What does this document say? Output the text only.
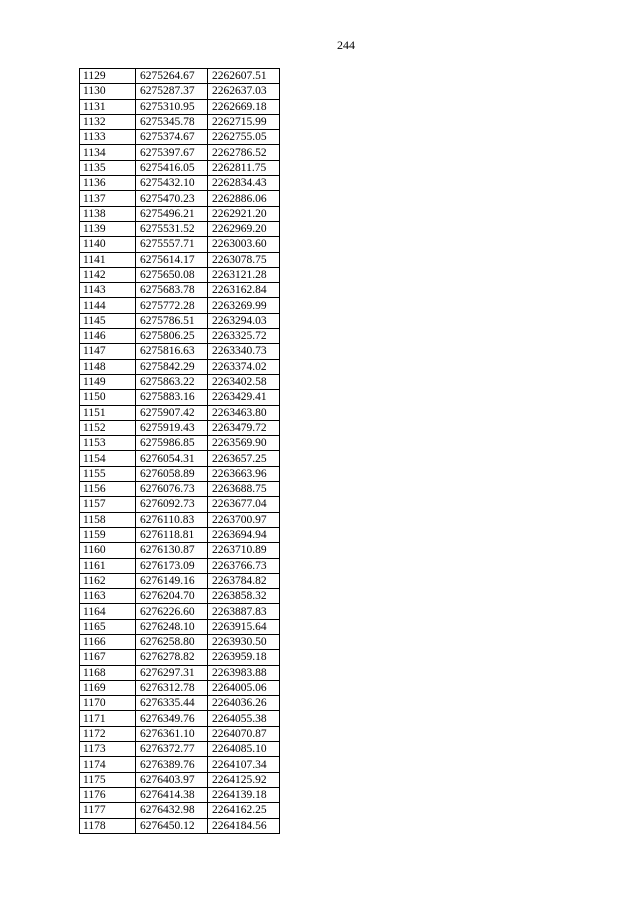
244
1129	6275264.67	2262607.51
1130	6275287.37	2262637.03
1131	6275310.95	2262669.18
1132	6275345.78	2262715.99
1133	6275374.67	2262755.05
1134	6275397.67	2262786.52
1135	6275416.05	2262811.75
1136	6275432.10	2262834.43
1137	6275470.23	2262886.06
1138	6275496.21	2262921.20
1139	6275531.52	2262969.20
1140	6275557.71	2263003.60
1141	6275614.17	2263078.75
1142	6275650.08	2263121.28
1143	6275683.78	2263162.84
1144	6275772.28	2263269.99
1145	6275786.51	2263294.03
1146	6275806.25	2263325.72
1147	6275816.63	2263340.73
1148	6275842.29	2263374.02
1149	6275863.22	2263402.58
1150	6275883.16	2263429.41
1151	6275907.42	2263463.80
1152	6275919.43	2263479.72
1153	6275986.85	2263569.90
1154	6276054.31	2263657.25
1155	6276058.89	2263663.96
1156	6276076.73	2263688.75
1157	6276092.73	2263677.04
1158	6276110.83	2263700.97
1159	6276118.81	2263694.94
1160	6276130.87	2263710.89
1161	6276173.09	2263766.73
1162	6276149.16	2263784.82
1163	6276204.70	2263858.32
1164	6276226.60	2263887.83
1165	6276248.10	2263915.64
1166	6276258.80	2263930.50
1167	6276278.82	2263959.18
1168	6276297.31	2263983.88
1169	6276312.78	2264005.06
1170	6276335.44	2264036.26
1171	6276349.76	2264055.38
1172	6276361.10	2264070.87
1173	6276372.77	2264085.10
1174	6276389.76	2264107.34
1175	6276403.97	2264125.92
1176	6276414.38	2264139.18
1177	6276432.98	2264162.25
1178	6276450.12	2264184.56
